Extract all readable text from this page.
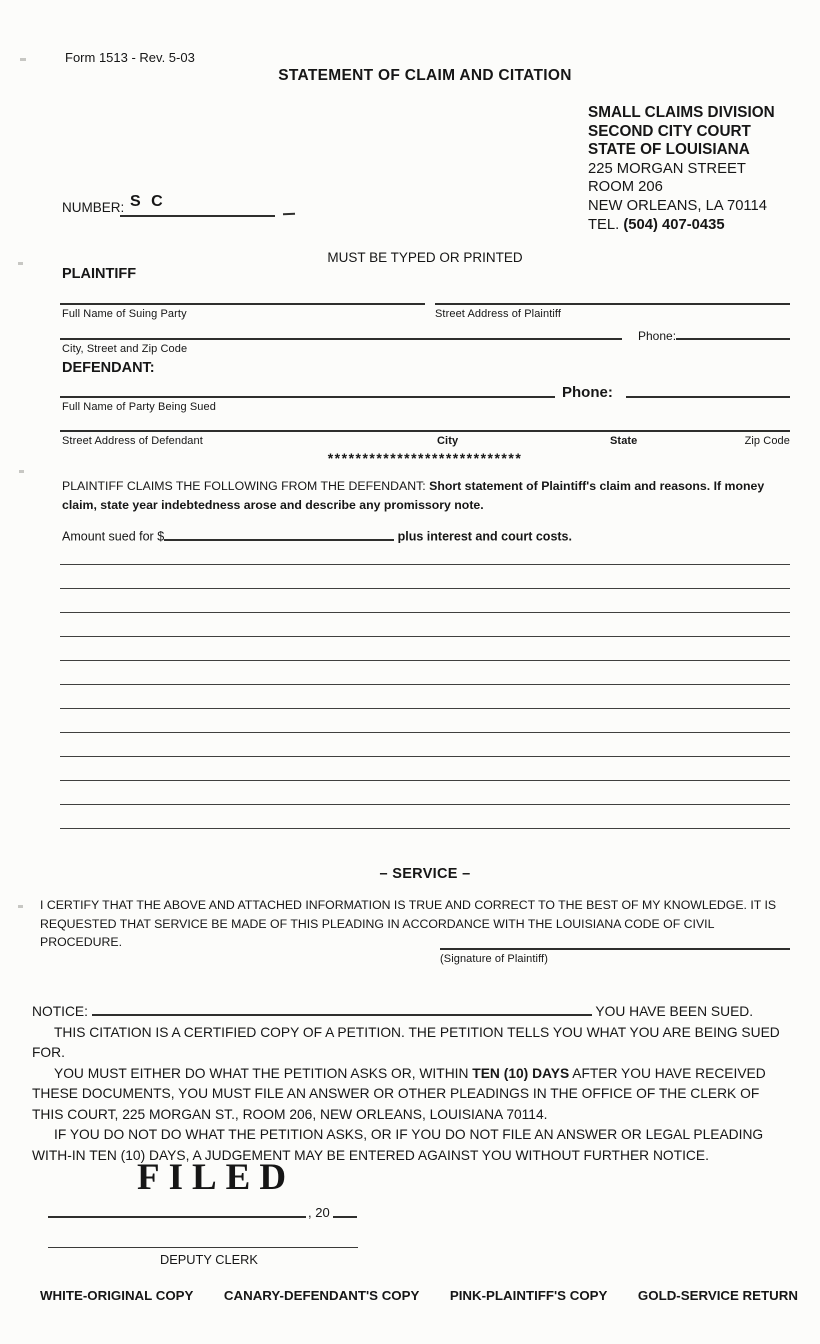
Form 1513 - Rev. 5-03
STATEMENT OF CLAIM AND CITATION
SMALL CLAIMS DIVISION
SECOND CITY COURT
STATE OF LOUISIANA
225 MORGAN STREET
ROOM 206
NEW ORLEANS, LA 70114
TEL. (504) 407-0435
NUMBER: S C
MUST BE TYPED OR PRINTED
PLAINTIFF
Full Name of Suing Party	Street Address of Plaintiff
Phone:
City, Street and Zip Code
DEFENDANT:
Phone:
Full Name of Party Being Sued
Street Address of Defendant	City	State	Zip Code
****************************
PLAINTIFF CLAIMS THE FOLLOWING FROM THE DEFENDANT: Short statement of Plaintiff's claim and reasons. If money claim, state year indebtedness arose and describe any promissory note.
Amount sued for $	plus interest and court costs.
– SERVICE –
I CERTIFY THAT THE ABOVE AND ATTACHED INFORMATION IS TRUE AND CORRECT TO THE BEST OF MY KNOWLEDGE. IT IS REQUESTED THAT SERVICE BE MADE OF THIS PLEADING IN ACCORDANCE WITH THE LOUISIANA CODE OF CIVIL PROCEDURE.
(Signature of Plaintiff)

NOTICE:	YOU HAVE BEEN SUED.

THIS CITATION IS A CERTIFIED COPY OF A PETITION. THE PETITION TELLS YOU WHAT YOU ARE BEING SUED FOR.

YOU MUST EITHER DO WHAT THE PETITION ASKS OR, WITHIN TEN (10) DAYS AFTER YOU HAVE RECEIVED THESE DOCUMENTS, YOU MUST FILE AN ANSWER OR OTHER PLEADINGS IN THE OFFICE OF THE CLERK OF THIS COURT, 225 MORGAN ST., ROOM 206, NEW ORLEANS, LOUISIANA 70114.

IF YOU DO NOT DO WHAT THE PETITION ASKS, OR IF YOU DO NOT FILE AN ANSWER OR LEGAL PLEADING WITH-IN TEN (10) DAYS, A JUDGEMENT MAY BE ENTERED AGAINST YOU WITHOUT FURTHER NOTICE.

FILED
, 20
DEPUTY CLERK
WHITE-ORIGINAL COPY CANARY-DEFENDANT'S COPY PINK-PLAINTIFF'S COPY GOLD-SERVICE RETURN
